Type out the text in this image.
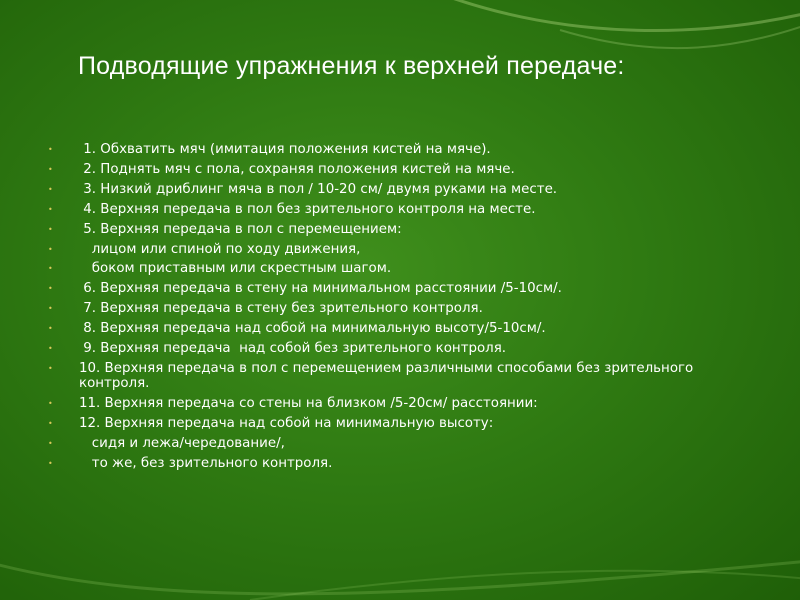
Подводящие упражнения к верхней передаче:
• 1. Обхватить мяч (имитация положения кистей на мяче).
• 2. Поднять мяч с пола, сохраняя положения кистей на мяче.
• 3. Низкий дриблинг мяча в пол / 10-20 см/ двумя руками на месте.
• 4. Верхняя передача в пол без зрительного контроля на месте.
• 5. Верхняя передача в пол с перемещением:
• лицом или спиной по ходу движения,
• боком приставным или скрестным шагом.
• 6. Верхняя передача в стену на минимальном расстоянии /5-10см/.
• 7. Верхняя передача в стену без зрительного контроля.
• 8. Верхняя передача над собой на минимальную высоту/5-10см/.
• 9. Верхняя передача  над собой без зрительного контроля.
• 10. Верхняя передача в пол с перемещением различными способами без зрительного контроля.
• 11. Верхняя передача со стены на близком /5-20см/ расстоянии:
• 12. Верхняя передача над собой на минимальную высоту:
• сидя и лежа/чередование/,
• то же, без зрительного контроля.
